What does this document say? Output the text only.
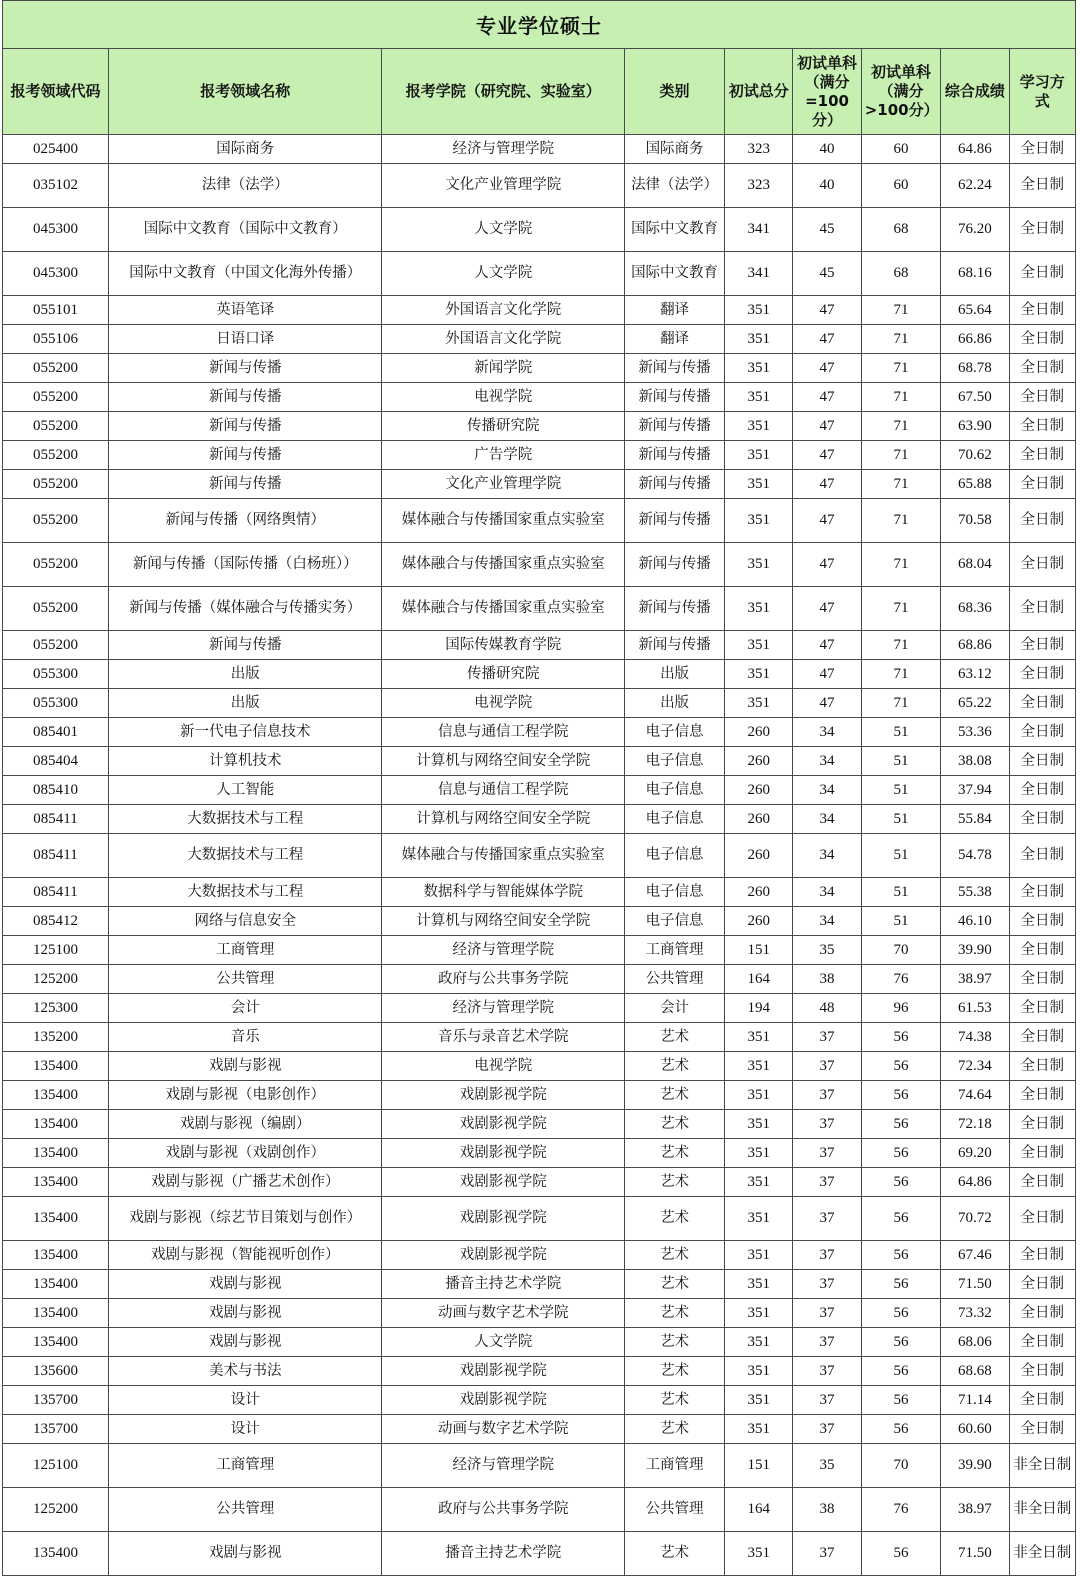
专业学位硕士								
报考领域代码	报考领域名称	报考学院（研究院、实验室）	类别	初试总分	初试单科（满分=100分）	初试单科（满分>100分）	综合成绩	学习方式
025400	国际商务	经济与管理学院	国际商务	323	40	60	64.86	全日制
035102	法律（法学）	文化产业管理学院	法律（法学）	323	40	60	62.24	全日制
045300	国际中文教育（国际中文教育）	人文学院	国际中文教育	341	45	68	76.20	全日制
045300	国际中文教育（中国文化海外传播）	人文学院	国际中文教育	341	45	68	68.16	全日制
055101	英语笔译	外国语言文化学院	翻译	351	47	71	65.64	全日制
055106	日语口译	外国语言文化学院	翻译	351	47	71	66.86	全日制
055200	新闻与传播	新闻学院	新闻与传播	351	47	71	68.78	全日制
055200	新闻与传播	电视学院	新闻与传播	351	47	71	67.50	全日制
055200	新闻与传播	传播研究院	新闻与传播	351	47	71	63.90	全日制
055200	新闻与传播	广告学院	新闻与传播	351	47	71	70.62	全日制
055200	新闻与传播	文化产业管理学院	新闻与传播	351	47	71	65.88	全日制
055200	新闻与传播（网络舆情）	媒体融合与传播国家重点实验室	新闻与传播	351	47	71	70.58	全日制
055200	新闻与传播（国际传播（白杨班））	媒体融合与传播国家重点实验室	新闻与传播	351	47	71	68.04	全日制
055200	新闻与传播（媒体融合与传播实务）	媒体融合与传播国家重点实验室	新闻与传播	351	47	71	68.36	全日制
055200	新闻与传播	国际传媒教育学院	新闻与传播	351	47	71	68.86	全日制
055300	出版	传播研究院	出版	351	47	71	63.12	全日制
055300	出版	电视学院	出版	351	47	71	65.22	全日制
085401	新一代电子信息技术	信息与通信工程学院	电子信息	260	34	51	53.36	全日制
085404	计算机技术	计算机与网络空间安全学院	电子信息	260	34	51	38.08	全日制
085410	人工智能	信息与通信工程学院	电子信息	260	34	51	37.94	全日制
085411	大数据技术与工程	计算机与网络空间安全学院	电子信息	260	34	51	55.84	全日制
085411	大数据技术与工程	媒体融合与传播国家重点实验室	电子信息	260	34	51	54.78	全日制
085411	大数据技术与工程	数据科学与智能媒体学院	电子信息	260	34	51	55.38	全日制
085412	网络与信息安全	计算机与网络空间安全学院	电子信息	260	34	51	46.10	全日制
125100	工商管理	经济与管理学院	工商管理	151	35	70	39.90	全日制
125200	公共管理	政府与公共事务学院	公共管理	164	38	76	38.97	全日制
125300	会计	经济与管理学院	会计	194	48	96	61.53	全日制
135200	音乐	音乐与录音艺术学院	艺术	351	37	56	74.38	全日制
135400	戏剧与影视	电视学院	艺术	351	37	56	72.34	全日制
135400	戏剧与影视（电影创作）	戏剧影视学院	艺术	351	37	56	74.64	全日制
135400	戏剧与影视（编剧）	戏剧影视学院	艺术	351	37	56	72.18	全日制
135400	戏剧与影视（戏剧创作）	戏剧影视学院	艺术	351	37	56	69.20	全日制
135400	戏剧与影视（广播艺术创作）	戏剧影视学院	艺术	351	37	56	64.86	全日制
135400	戏剧与影视（综艺节目策划与创作）	戏剧影视学院	艺术	351	37	56	70.72	全日制
135400	戏剧与影视（智能视听创作）	戏剧影视学院	艺术	351	37	56	67.46	全日制
135400	戏剧与影视	播音主持艺术学院	艺术	351	37	56	71.50	全日制
135400	戏剧与影视	动画与数字艺术学院	艺术	351	37	56	73.32	全日制
135400	戏剧与影视	人文学院	艺术	351	37	56	68.06	全日制
135600	美术与书法	戏剧影视学院	艺术	351	37	56	68.68	全日制
135700	设计	戏剧影视学院	艺术	351	37	56	71.14	全日制
135700	设计	动画与数字艺术学院	艺术	351	37	56	60.60	全日制
125100	工商管理	经济与管理学院	工商管理	151	35	70	39.90	非全日制
125200	公共管理	政府与公共事务学院	公共管理	164	38	76	38.97	非全日制
135400	戏剧与影视	播音主持艺术学院	艺术	351	37	56	71.50	非全日制
